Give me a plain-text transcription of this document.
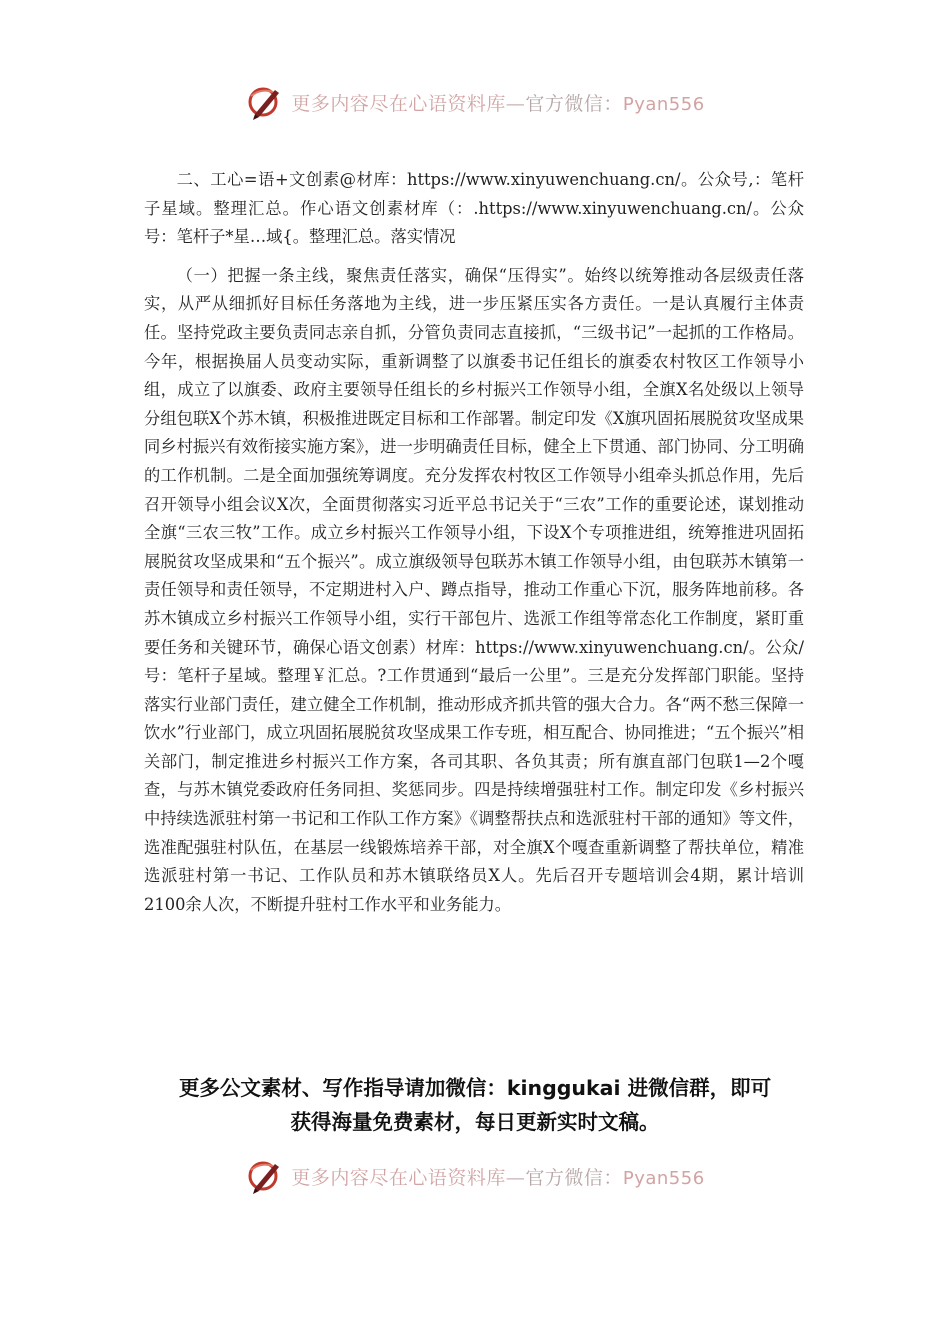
更多内容尽在心语资料库—官方微信：Pyan556

二、工心=语+文创素@材库：https://www.xinyuwenchuang.cn/。公众号,：笔杆子星域。整理汇总。作心语文创素材库（：.https://www.xinyuwenchuang.cn/。公众号：笔杆子*星…域{。整理汇总。落实情况

（一）把握一条主线，聚焦责任落实，确保“压得实”。始终以统筹推动各层级责任落实，从严从细抓好目标任务落地为主线，进一步压紧压实各方责任。一是认真履行主体责任。坚持党政主要负责同志亲自抓，分管负责同志直接抓，“三级书记”一起抓的工作格局。今年，根据换届人员变动实际，重新调整了以旗委书记任组长的旗委农村牧区工作领导小组，成立了以旗委、政府主要领导任组长的乡村振兴工作领导小组，全旗X名处级以上领导分组包联X个苏木镇，积极推进既定目标和工作部署。制定印发《X旗巩固拓展脱贫攻坚成果同乡村振兴有效衔接实施方案》，进一步明确责任目标，健全上下贯通、部门协同、分工明确的工作机制。二是全面加强统筹调度。充分发挥农村牧区工作领导小组牵头抓总作用，先后召开领导小组会议X次，全面贯彻落实习近平总书记关于“三农”工作的重要论述，谋划推动全旗“三农三牧”工作。成立乡村振兴工作领导小组，下设X个专项推进组，统筹推进巩固拓展脱贫攻坚成果和“五个振兴”。成立旗级领导包联苏木镇工作领导小组，由包联苏木镇第一责任领导和责任领导，不定期进村入户、蹲点指导，推动工作重心下沉，服务阵地前移。各苏木镇成立乡村振兴工作领导小组，实行干部包片、选派工作组等常态化工作制度，紧盯重要任务和关键环节，确保心语文创素）材库：https://www.xinyuwenchuang.cn/。公众/号：笔杆子星域。整理￥汇总。?工作贯通到“最后一公里”。三是充分发挥部门职能。坚持落实行业部门责任，建立健全工作机制，推动形成齐抓共管的强大合力。各“两不愁三保障一饮水”行业部门，成立巩固拓展脱贫攻坚成果工作专班，相互配合、协同推进；“五个振兴”相关部门，制定推进乡村振兴工作方案，各司其职、各负其责；所有旗直部门包联1—2个嘎查，与苏木镇党委政府任务同担、奖惩同步。四是持续增强驻村工作。制定印发《乡村振兴中持续选派驻村第一书记和工作队工作方案》《调整帮扶点和选派驻村干部的通知》等文件，选准配强驻村队伍，在基层一线锻炼培养干部，对全旗X个嘎查重新调整了帮扶单位，精准选派驻村第一书记、工作队员和苏木镇联络员X人。先后召开专题培训会4期，累计培训2100余人次，不断提升驻村工作水平和业务能力。

更多公文素材、写作指导请加微信：kinggukai 进微信群，即可
获得海量免费素材，每日更新实时文稿。
更多内容尽在心语资料库—官方微信：Pyan556
